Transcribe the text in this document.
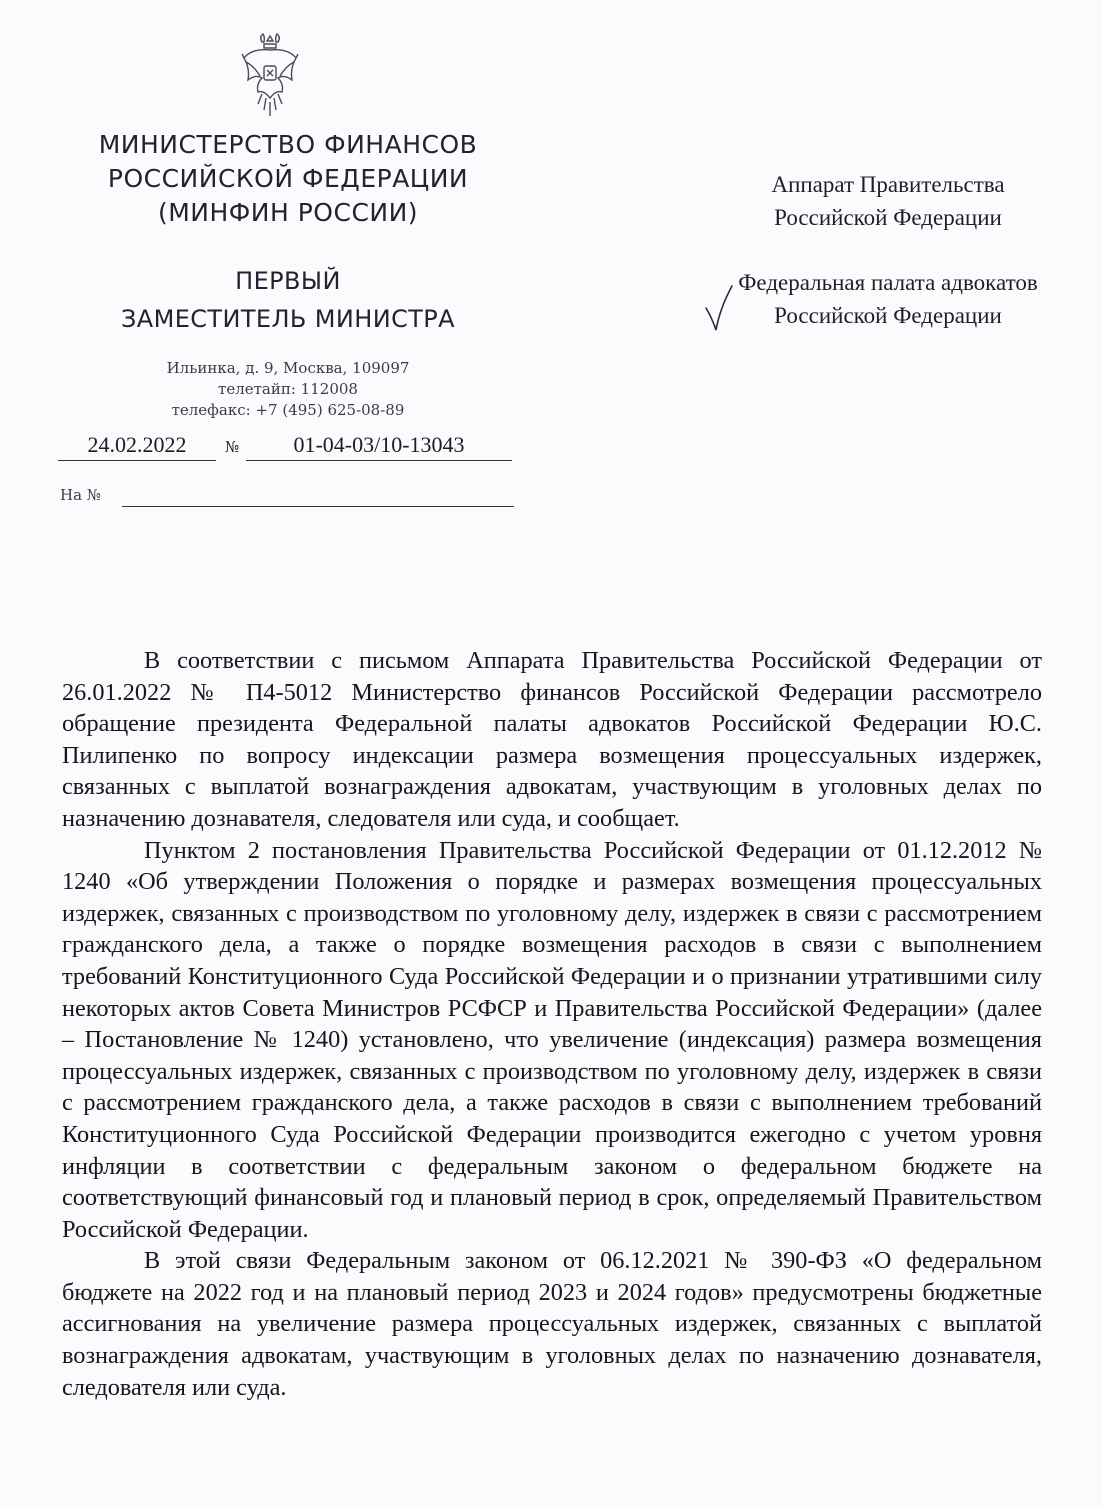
МИНИСТЕРСТВО ФИНАНСОВ
РОССИЙСКОЙ ФЕДЕРАЦИИ
(МИНФИН РОССИИ)
ПЕРВЫЙ
ЗАМЕСТИТЕЛЬ МИНИСТРА
Ильинка, д. 9, Москва, 109097
телетайп: 112008
телефакс: +7 (495) 625-08-89
24.02.2022	№	01-04-03/10-13043
На №
Аппарат Правительства
Российской Федерации
Федеральная палата адвокатов
Российской Федерации

В соответствии с письмом Аппарата Правительства Российской Федерации от 26.01.2022 № П4-5012 Министерство финансов Российской Федерации рассмотрело обращение президента Федеральной палаты адвокатов Российской Федерации Ю.С. Пилипенко по вопросу индексации размера возмещения процессуальных издержек, связанных с выплатой вознаграждения адвокатам, участвующим в уголовных делах по назначению дознавателя, следователя или суда, и сообщает.

Пунктом 2 постановления Правительства Российской Федерации от 01.12.2012 № 1240 «Об утверждении Положения о порядке и размерах возмещения процессуальных издержек, связанных с производством по уголовному делу, издержек в связи с рассмотрением гражданского дела, а также о порядке возмещения расходов в связи с выполнением требований Конституционного Суда Российской Федерации и о признании утратившими силу некоторых актов Совета Министров РСФСР и Правительства Российской Федерации» (далее – Постановление № 1240) установлено, что увеличение (индексация) размера возмещения процессуальных издержек, связанных с производством по уголовному делу, издержек в связи с рассмотрением гражданского дела, а также расходов в связи с выполнением требований Конституционного Суда Российской Федерации производится ежегодно с учетом уровня инфляции в соответствии с федеральным законом о федеральном бюджете на соответствующий финансовый год и плановый период в срок, определяемый Правительством Российской Федерации.

В этой связи Федеральным законом от 06.12.2021 № 390-ФЗ «О федеральном бюджете на 2022 год и на плановый период 2023 и 2024 годов» предусмотрены бюджетные ассигнования на увеличение размера процессуальных издержек, связанных с выплатой вознаграждения адвокатам, участвующим в уголовных делах по назначению дознавателя, следователя или суда.
